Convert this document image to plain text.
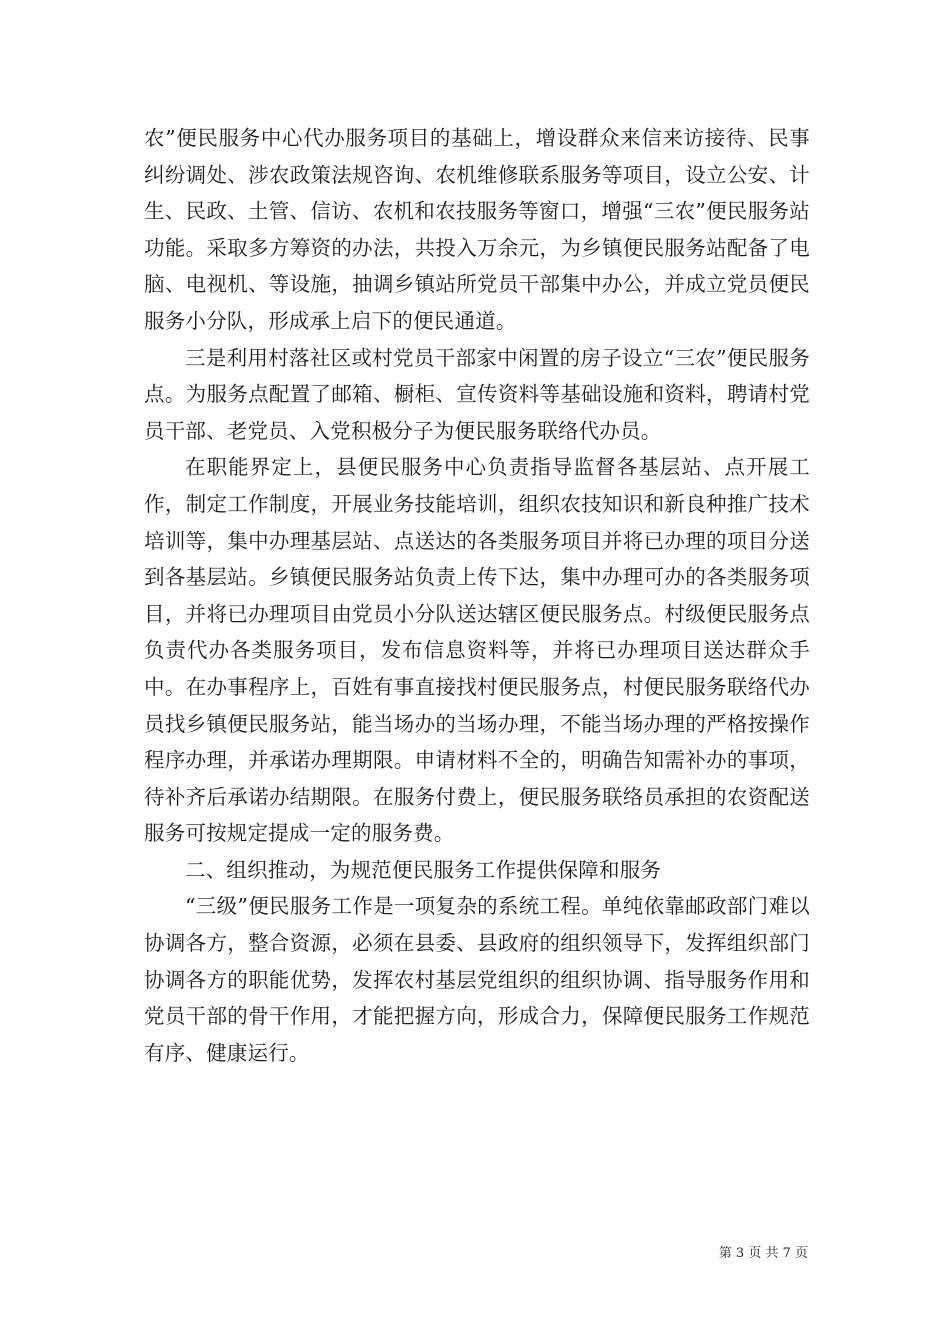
农”便民服务中心代办服务项目的基础上，增设群众来信来访接待、民事纠纷调处、涉农政策法规咨询、农机维修联系服务等项目，设立公安、计生、民政、土管、信访、农机和农技服务等窗口，增强“三农”便民服务站功能。采取多方筹资的办法，共投入万余元，为乡镇便民服务站配备了电脑、电视机、等设施，抽调乡镇站所党员干部集中办公，并成立党员便民服务小分队，形成承上启下的便民通道。

三是利用村落社区或村党员干部家中闲置的房子设立“三农”便民服务点。为服务点配置了邮箱、橱柜、宣传资料等基础设施和资料，聘请村党员干部、老党员、入党积极分子为便民服务联络代办员。

在职能界定上，县便民服务中心负责指导监督各基层站、点开展工作，制定工作制度，开展业务技能培训，组织农技知识和新良种推广技术培训等，集中办理基层站、点送达的各类服务项目并将已办理的项目分送到各基层站。乡镇便民服务站负责上传下达，集中办理可办的各类服务项目，并将已办理项目由党员小分队送达辖区便民服务点。村级便民服务点负责代办各类服务项目，发布信息资料等，并将已办理项目送达群众手中。在办事程序上，百姓有事直接找村便民服务点，村便民服务联络代办员找乡镇便民服务站，能当场办的当场办理，不能当场办理的严格按操作程序办理，并承诺办理期限。申请材料不全的，明确告知需补办的事项，待补齐后承诺办结期限。在服务付费上，便民服务联络员承担的农资配送服务可按规定提成一定的服务费。

二、组织推动，为规范便民服务工作提供保障和服务

“三级”便民服务工作是一项复杂的系统工程。单纯依靠邮政部门难以协调各方，整合资源，必须在县委、县政府的组织领导下，发挥组织部门协调各方的职能优势，发挥农村基层党组织的组织协调、指导服务作用和党员干部的骨干作用，才能把握方向，形成合力，保障便民服务工作规范有序、健康运行。

第 3 页 共 7 页
